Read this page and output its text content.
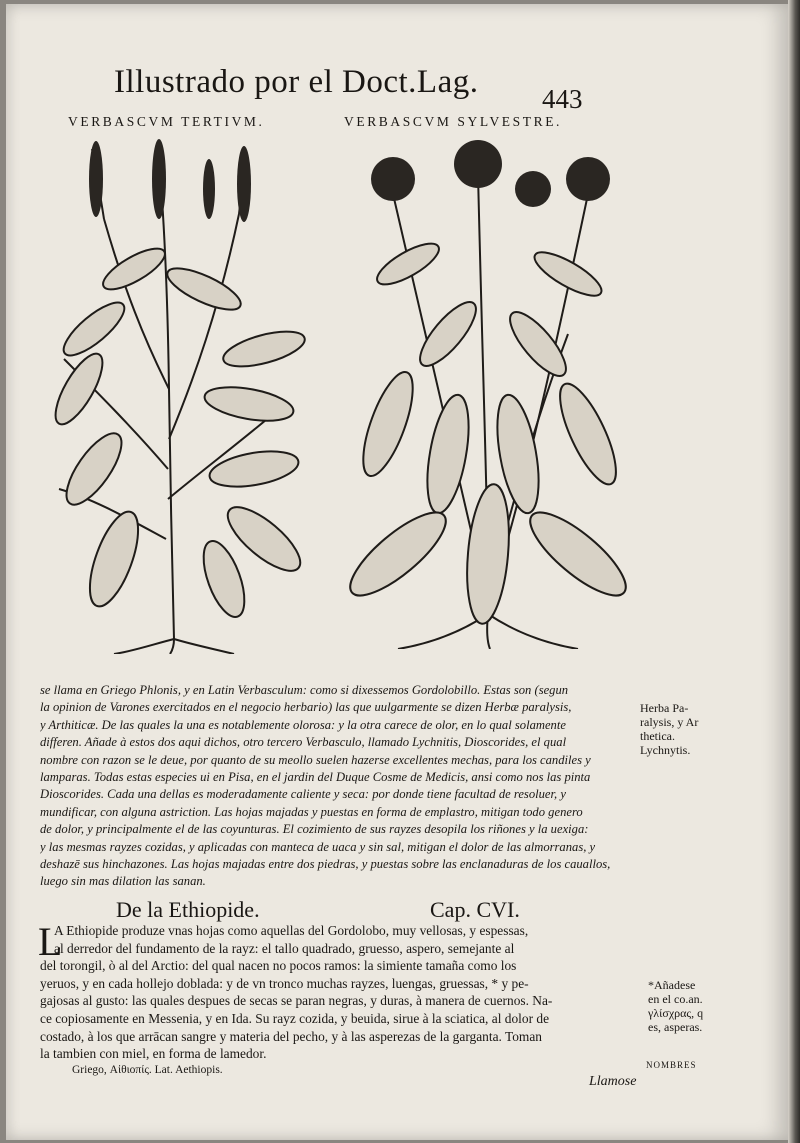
Illustrado por el Doct.Lag. 443
VERBASCVM TERTIVM.	VERBASCVM SYLVESTRE.
se llama en Griego Phlonis, y en Latin Verbasculum: como si dixessemos Gordolobillo. Estas son (segun
la opinion de Varones exercitados en el negocio herbario) las que uulgarmente se dizen Herbæ paralysis,
y Arthiticæ. De las quales la una es notablemente olorosa: y la otra carece de olor, en lo qual solamente
differen. Añade à estos dos aqui dichos, otro tercero Verbasculo, llamado Lychnitis, Dioscorides, el qual
nombre con razon se le deue, por quanto de su meollo suelen hazerse excellentes mechas, para los candiles y
lamparas. Todas estas especies ui en Pisa, en el jardin del Duque Cosme de Medicis, ansi como nos las pinta
Dioscorides. Cada una dellas es moderadamente caliente y seca: por donde tiene facultad de resoluer, y
mundificar, con alguna astriction. Las hojas majadas y puestas en forma de emplastro, mitigan todo genero
de dolor, y principalmente el de las coyunturas. El cozimiento de sus rayzes desopila los riñones y la uexiga:
y las mesmas rayzes cozidas, y aplicadas con manteca de uaca y sin sal, mitigan el dolor de las almorranas, y
deshazē sus hinchazones. Las hojas majadas entre dos piedras, y puestas sobre las enclanaduras de los cauallos,
luego sin mas dilation las sanan.
Herba Pa-
ralysis, y Ar
thetica.
Lychnytis.
De la Ethiopide.	Cap. CVI.
L
A Ethiopide produze vnas hojas como aquellas del Gordolobo, muy vellosas, y espessas,
al derredor del fundamento de la rayz: el tallo quadrado, gruesso, aspero, semejante al
del torongil, ò al del Arctio: del qual nacen no pocos ramos: la simiente tamaña como los
yeruos, y en cada hollejo doblada: y de vn tronco muchas rayzes, luengas, gruessas, * y pe-
gajosas al gusto: las quales despues de secas se paran negras, y duras, à manera de cuernos. Na-
ce copiosamente en Messenia, y en Ida. Su rayz cozida, y beuida, sirue à la sciatica, al dolor de
costado, à los que arrācan sangre y materia del pecho, y à las asperezas de la garganta. Toman
la tambien con miel, en forma de lamedor.
*Añadese
en el co.an.
γλίσχρας, q
es, asperas.
Griego, Αἰθιοπίς. Lat. Aethiopis.	NOMBRES
Llamose
